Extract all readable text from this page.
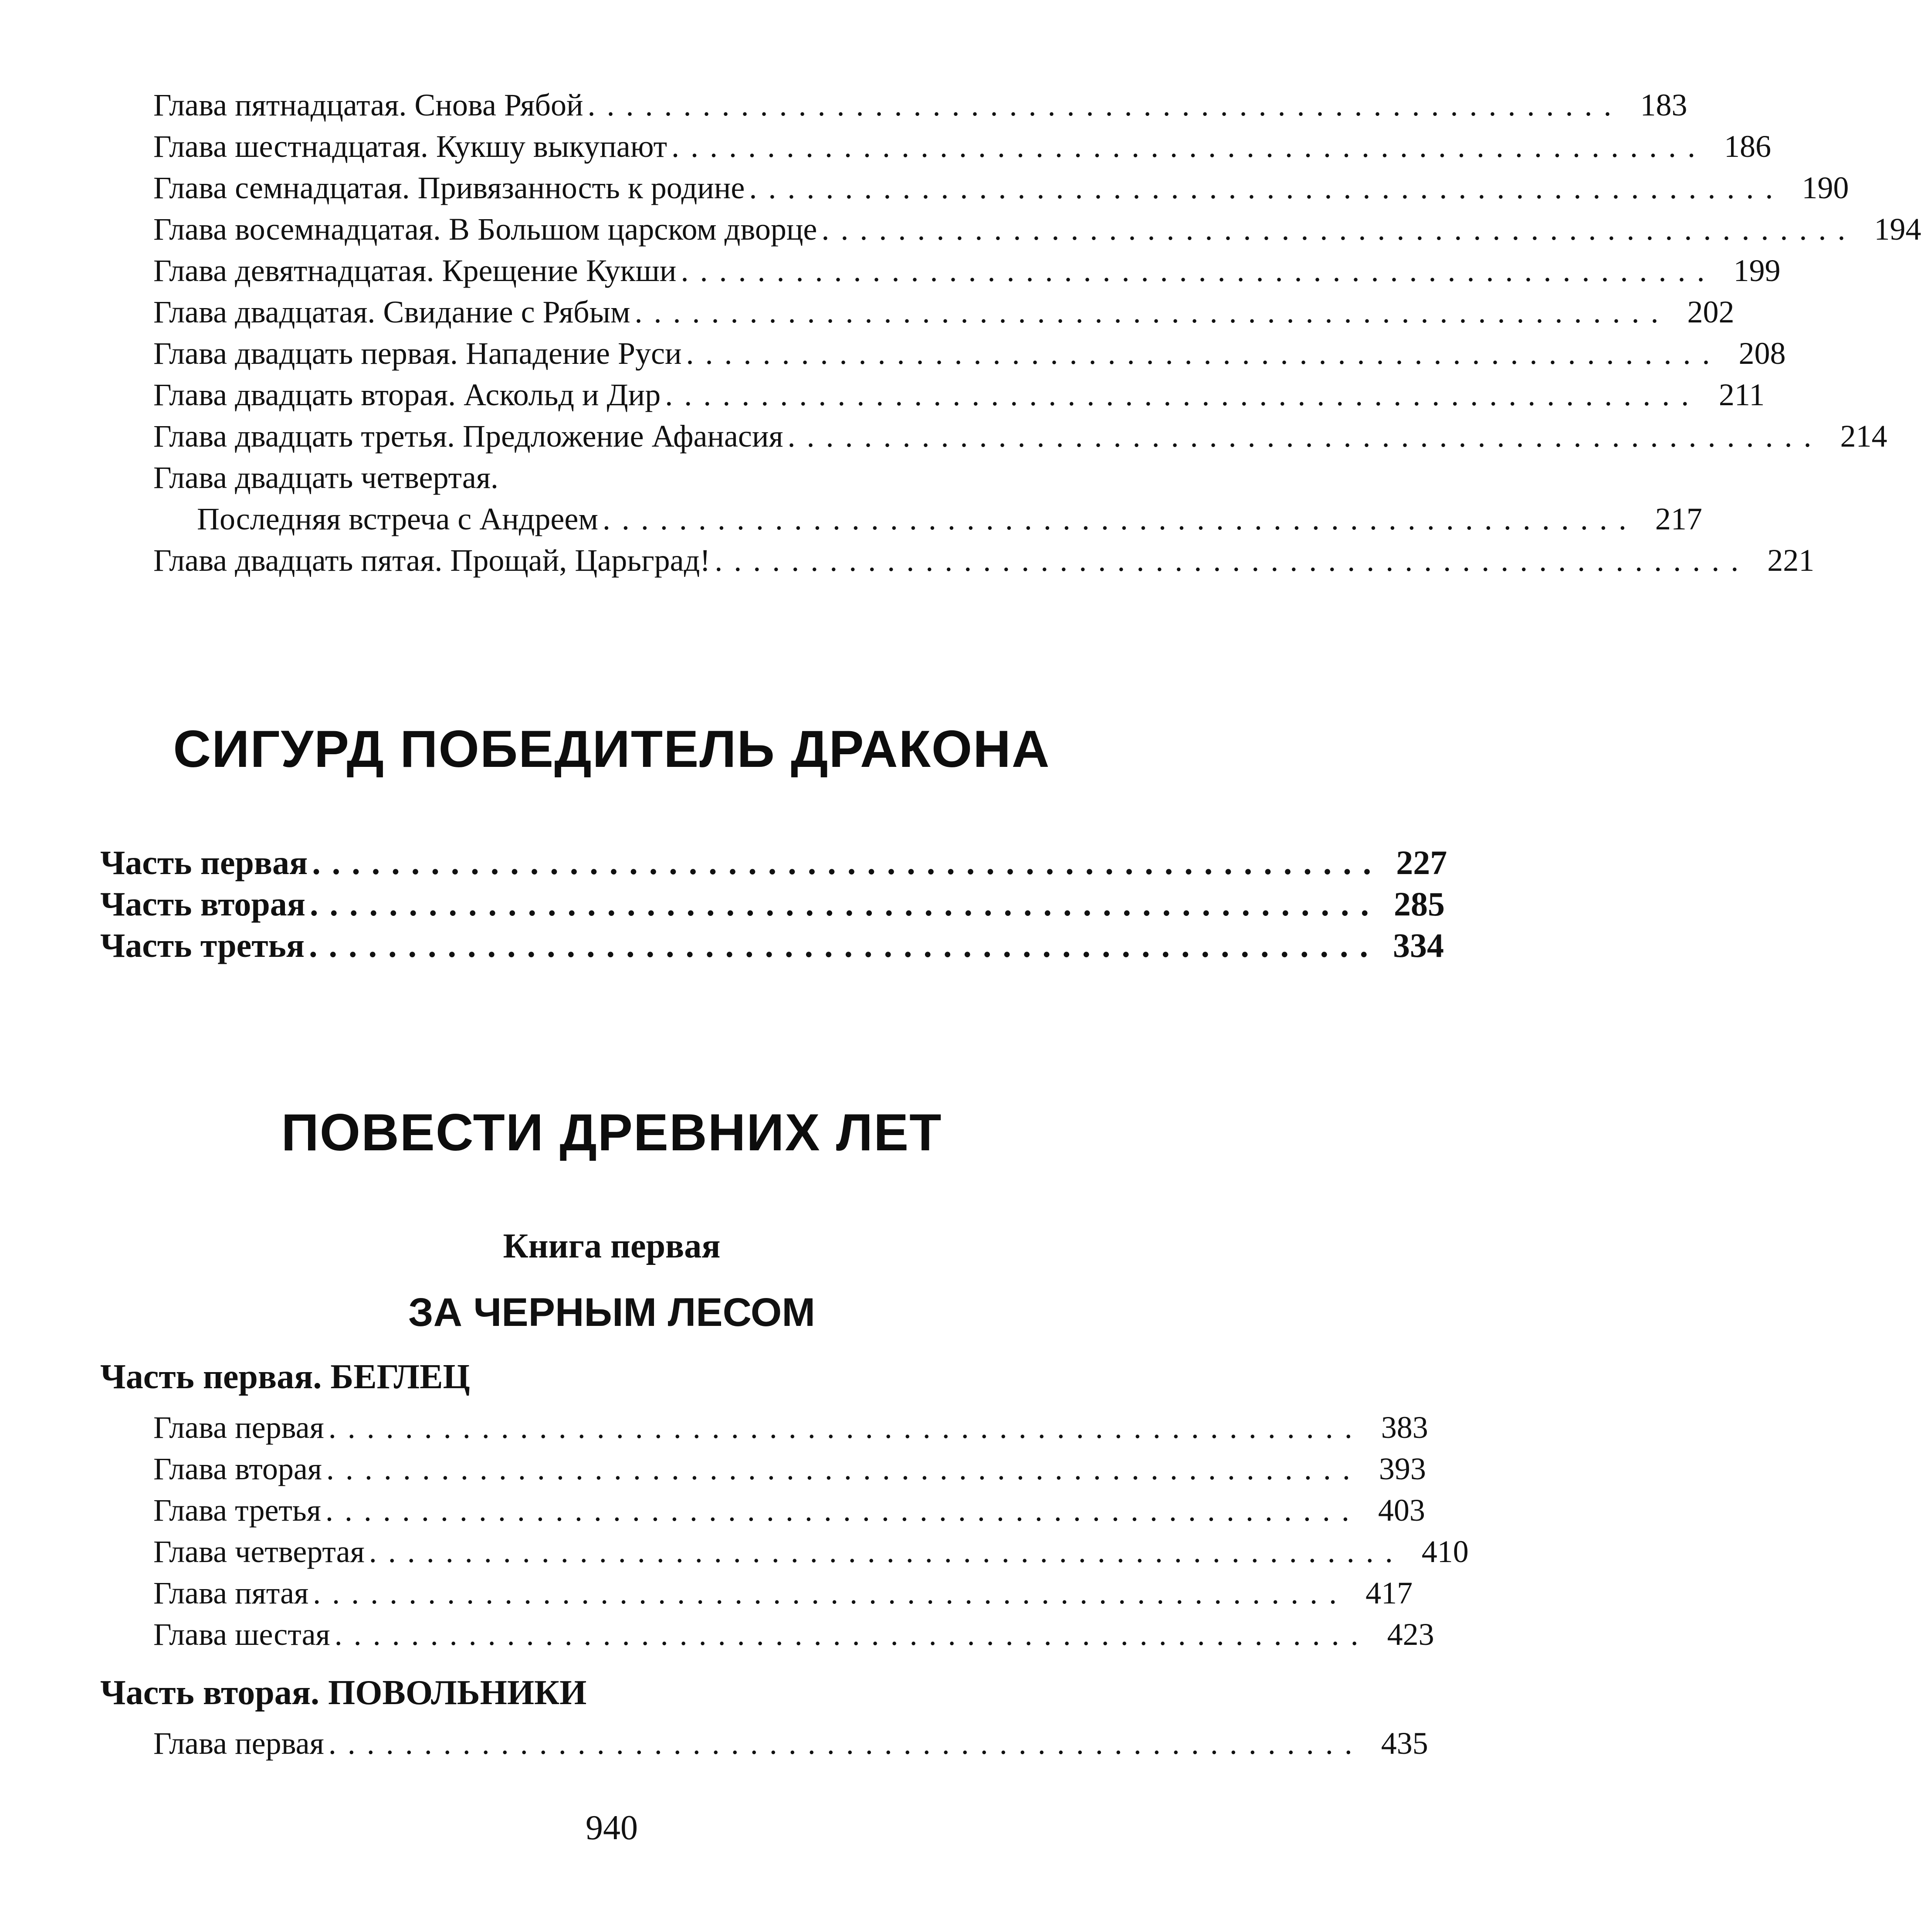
Глава пятнадцатая. Снова Рябой ...................................................... 183
Глава шестнадцатая. Кукшу выкупают ...................................................... 186
Глава семнадцатая. Привязанность к родине ...................................................... 190
Глава восемнадцатая. В Большом царском дворце ...................................................... 194
Глава девятнадцатая. Крещение Кукши ...................................................... 199
Глава двадцатая. Свидание с Рябым ...................................................... 202
Глава двадцать первая. Нападение Руси ...................................................... 208
Глава двадцать вторая. Аскольд и Дир ...................................................... 211
Глава двадцать третья. Предложение Афанасия ...................................................... 214
Глава двадцать четвертая.
Последняя встреча с Андреем ...................................................... 217
Глава двадцать пятая. Прощай, Царьград! ...................................................... 221
СИГУРД ПОБЕДИТЕЛЬ ДРАКОНА
Часть первая ...................................................... 227
Часть вторая ...................................................... 285
Часть третья ...................................................... 334
ПОВЕСТИ ДРЕВНИХ ЛЕТ
Книга первая
ЗА ЧЕРНЫМ ЛЕСОМ
Часть первая. БЕГЛЕЦ
Глава первая ...................................................... 383
Глава вторая ...................................................... 393
Глава третья ...................................................... 403
Глава четвертая ...................................................... 410
Глава пятая ...................................................... 417
Глава шестая ...................................................... 423
Часть вторая. ПОВОЛЬНИКИ
Глава первая ...................................................... 435
940
